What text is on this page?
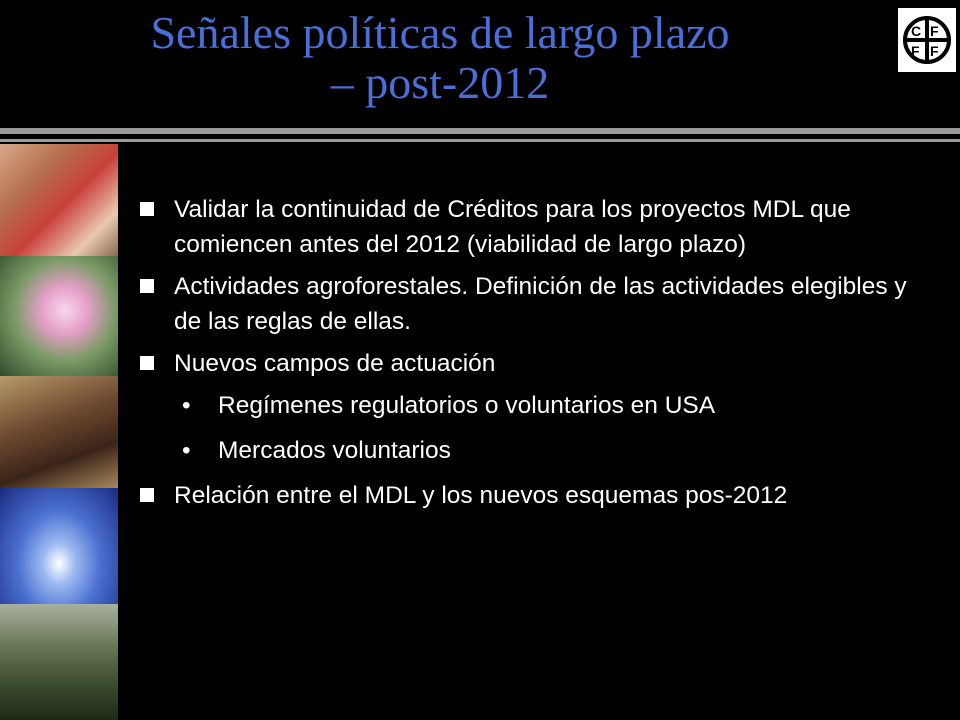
Señales políticas de largo plazo
– post-2012
C F
F F
Validar la continuidad de Créditos para los proyectos MDL que comiencen antes del 2012 (viabilidad de largo plazo)
Actividades agroforestales. Definición de las actividades elegibles y de las reglas de ellas.
Nuevos campos de actuación
• Regímenes regulatorios o voluntarios en USA
• Mercados voluntarios
Relación entre el MDL y los nuevos esquemas pos-2012
